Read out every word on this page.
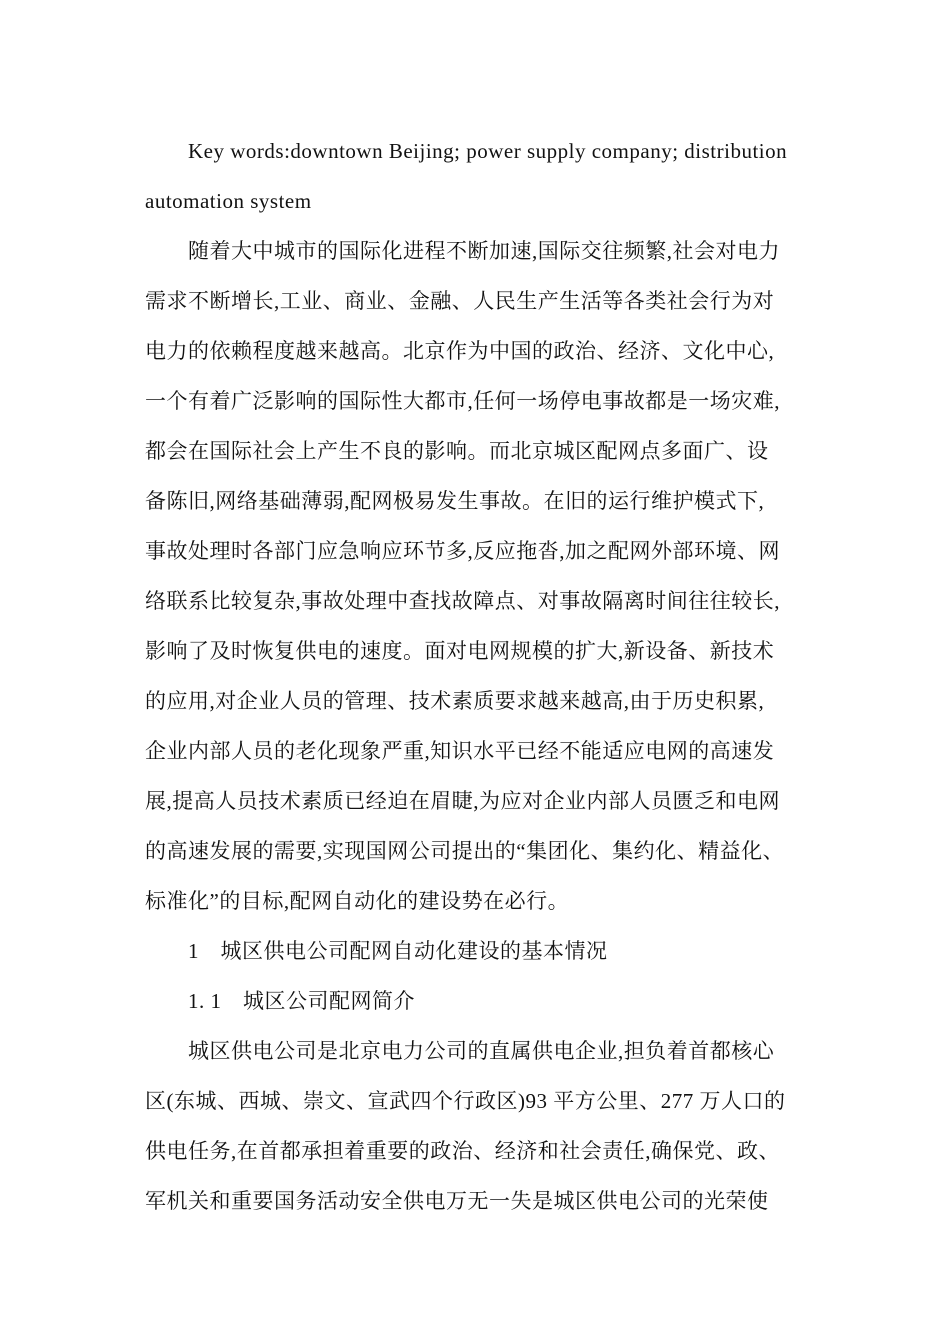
Key words:downtown Beijing; power supply company; distribution
automation system
随着大中城市的国际化进程不断加速,国际交往频繁,社会对电力
需求不断增长,工业、商业、金融、人民生产生活等各类社会行为对
电力的依赖程度越来越高。北京作为中国的政治、经济、文化中心,
一个有着广泛影响的国际性大都市,任何一场停电事故都是一场灾难,
都会在国际社会上产生不良的影响。而北京城区配网点多面广、设
备陈旧,网络基础薄弱,配网极易发生事故。在旧的运行维护模式下,
事故处理时各部门应急响应环节多,反应拖沓,加之配网外部环境、网
络联系比较复杂,事故处理中查找故障点、对事故隔离时间往往较长,
影响了及时恢复供电的速度。面对电网规模的扩大,新设备、新技术
的应用,对企业人员的管理、技术素质要求越来越高,由于历史积累,
企业内部人员的老化现象严重,知识水平已经不能适应电网的高速发
展,提高人员技术素质已经迫在眉睫,为应对企业内部人员匮乏和电网
的高速发展的需要,实现国网公司提出的“集团化、集约化、精益化、
标准化”的目标,配网自动化的建设势在必行。
1　城区供电公司配网自动化建设的基本情况
1. 1　城区公司配网简介
城区供电公司是北京电力公司的直属供电企业,担负着首都核心
区(东城、西城、崇文、宣武四个行政区)93 平方公里、277 万人口的
供电任务,在首都承担着重要的政治、经济和社会责任,确保党、政、
军机关和重要国务活动安全供电万无一失是城区供电公司的光荣使
